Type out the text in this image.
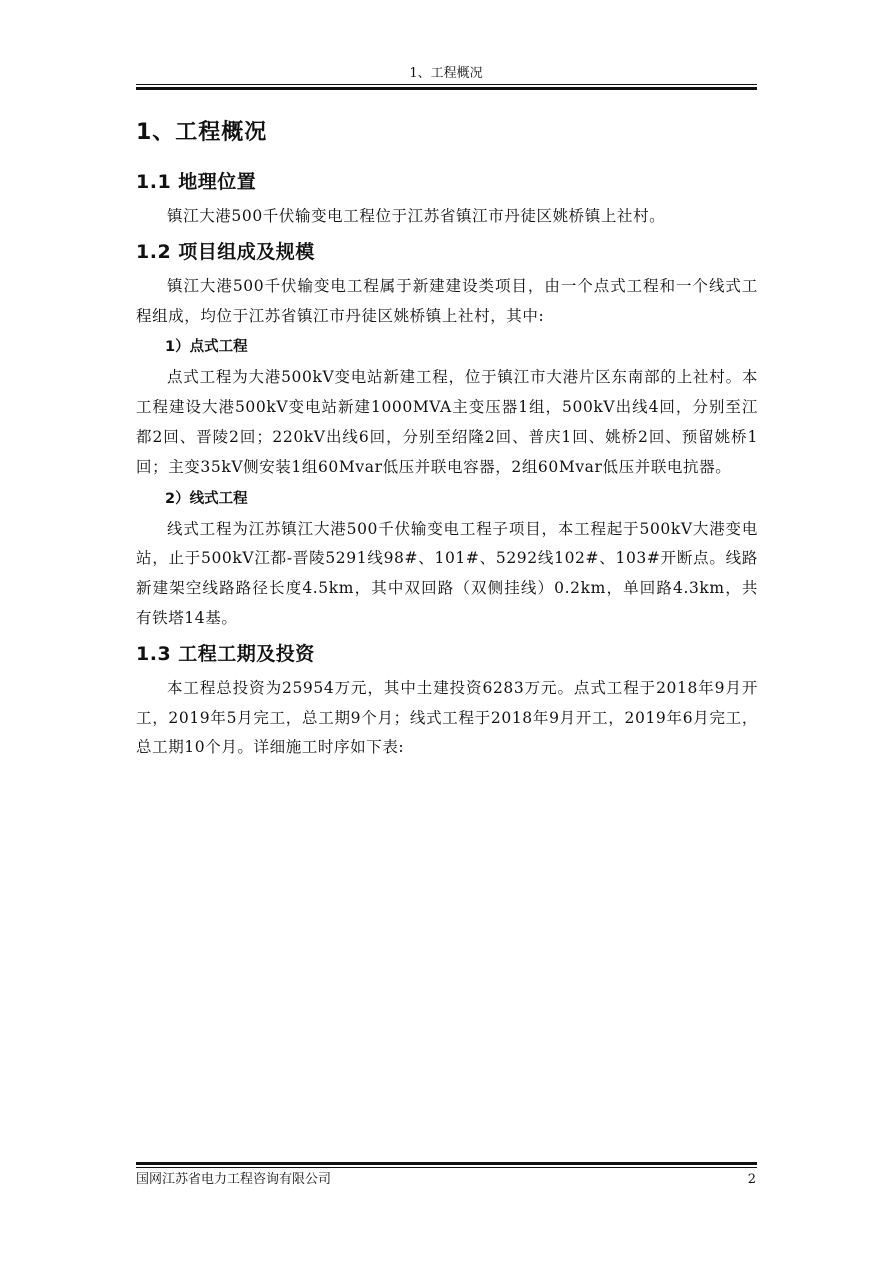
1、工程概况
1、工程概况
1.1 地理位置

镇江大港500千伏输变电工程位于江苏省镇江市丹徒区姚桥镇上社村。

1.2 项目组成及规模

镇江大港500千伏输变电工程属于新建建设类项目，由一个点式工程和一个线式工程组成，均位于江苏省镇江市丹徒区姚桥镇上社村，其中:

1）点式工程

点式工程为大港500kV变电站新建工程，位于镇江市大港片区东南部的上社村。本工程建设大港500kV变电站新建1000MVA主变压器1组，500kV出线4回，分别至江都2回、晋陵2回；220kV出线6回，分别至绍隆2回、普庆1回、姚桥2回、预留姚桥1回；主变35kV侧安装1组60Mvar低压并联电容器，2组60Mvar低压并联电抗器。

2）线式工程

线式工程为江苏镇江大港500千伏输变电工程子项目，本工程起于500kV大港变电站，止于500kV江都-晋陵5291线98#、101#、5292线102#、103#开断点。线路新建架空线路路径长度4.5km，其中双回路（双侧挂线）0.2km，单回路4.3km，共有铁塔14基。

1.3 工程工期及投资

本工程总投资为25954万元，其中土建投资6283万元。点式工程于2018年9月开工，2019年5月完工，总工期9个月；线式工程于2018年9月开工，2019年6月完工，总工期10个月。详细施工时序如下表:

国网江苏省电力工程咨询有限公司	2
